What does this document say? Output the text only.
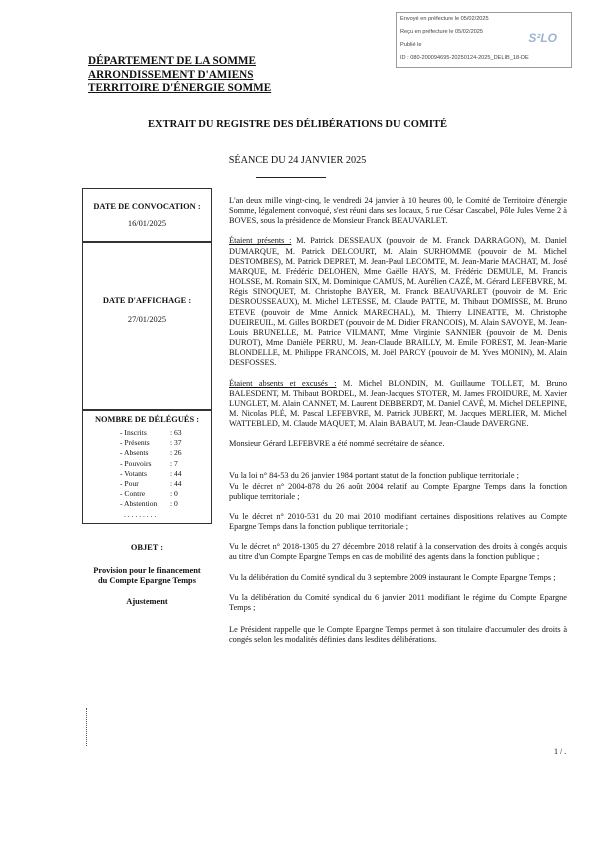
Envoyé en préfecture le 05/02/2025
Reçu en préfecture le 05/02/2025
Publié le
ID : 080-200094695-20250124-2025_DELIB_18-DE
S²LO
DÉPARTEMENT DE LA SOMME
ARRONDISSEMENT D'AMIENS
TERRITOIRE D'ÉNERGIE SOMME
EXTRAIT DU REGISTRE DES DÉLIBÉRATIONS DU COMITÉ
SÉANCE DU 24 JANVIER 2025
DATE DE CONVOCATION :
16/01/2025
DATE D'AFFICHAGE :
27/01/2025
NOMBRE DE DÉLÉGUÉS :
- Inscrits	: 63
- Présents	: 37
- Absents	: 26
- Pouvoirs : 7
- Votants	: 44
- Pour	: 44
- Contre	: 0
- Abstention : 0
. . . . . . . . .
OBJET :
Provision pour le financement
du Compte Epargne Temps
Ajustement

L'an deux mille vingt-cinq, le vendredi 24 janvier à 10 heures 00, le Comité de Territoire d'énergie Somme, légalement convoqué, s'est réuni dans ses locaux, 5 rue César Cascabel, Pôle Jules Verne 2 à BOVES, sous la présidence de Monsieur Franck BEAUVARLET.

Étaient présents : M. Patrick DESSEAUX (pouvoir de M. Franck DARRAGON), M. Daniel DUMARQUE, M. Patrick DELCOURT, M. Alain SURHOMME (pouvoir de M. Michel DESTOMBES), M. Patrick DEPRET, M. Jean-Paul LECOMTE, M. Jean-Marie MACHAT, M. José MARQUE, M. Frédéric DELOHEN, Mme Gaëlle HAYS, M. Frédéric DEMULE, M. Francis HOLSSE, M. Romain SIX, M. Dominique CAMUS, M. Aurélien CAZÉ, M. Gérard LEFEBVRE, M. Régis SINOQUET, M. Christophe BAYER, M. Franck BEAUVARLET (pouvoir de M. Eric DESROUSSEAUX), M. Michel LETESSE, M. Claude PATTE, M. Thibaut DOMISSE, M. Bruno ETEVE (pouvoir de Mme Annick MARECHAL), M. Thierry LINEATTE, M. Christophe DUEIREUIL, M. Gilles BORDET (pouvoir de M. Didier FRANCOIS), M. Alain SAVOYE, M. Jean-Louis BRUNELLE, M. Patrice VILMANT, Mme Virginie SANNIER (pouvoir de M. Denis DUROT), Mme Danièle PERRU, M. Jean-Claude BRAILLY, M. Emile FOREST, M. Jean-Marie BLONDELLE, M. Philippe FRANCOIS, M. Joël PARCY (pouvoir de M. Yves MONIN), M. Alain DESFOSSES.

Étaient absents et excusés : M. Michel BLONDIN, M. Guillaume TOLLET, M. Bruno BALESDENT, M. Thibaut BORDEL, M. Jean-Jacques STOTER, M. James FROIDURE, M. Xavier LUNGLET, M. Alain CANNET, M. Laurent DEBBERDT, M. Daniel CAVÉ, M. Michel DELEPINE, M. Nicolas PLÉ, M. Pascal LEFEBVRE, M. Patrick JUBERT, M. Jacques MERLIER, M. Michel WATTEBLED, M. Claude MAQUET, M. Alain BABAUT, M. Jean-Claude DAVERGNE.

Monsieur Gérard LEFEBVRE a été nommé secrétaire de séance.

Vu la loi n° 84-53 du 26 janvier 1984 portant statut de la fonction publique territoriale ;

Vu le décret n° 2004-878 du 26 août 2004 relatif au Compte Epargne Temps dans la fonction publique territoriale ;

Vu le décret n° 2010-531 du 20 mai 2010 modifiant certaines dispositions relatives au Compte Epargne Temps dans la fonction publique territoriale ;

Vu le décret n° 2018-1305 du 27 décembre 2018 relatif à la conservation des droits à congés acquis au titre d'un Compte Epargne Temps en cas de mobilité des agents dans la fonction publique ;

Vu la délibération du Comité syndical du 3 septembre 2009 instaurant le Compte Epargne Temps ;

Vu la délibération du Comité syndical du 6 janvier 2011 modifiant le régime du Compte Epargne Temps ;

Le Président rappelle que le Compte Epargne Temps permet à son titulaire d'accumuler des droits à congés selon les modalités définies dans lesdites délibérations.

1 / .
